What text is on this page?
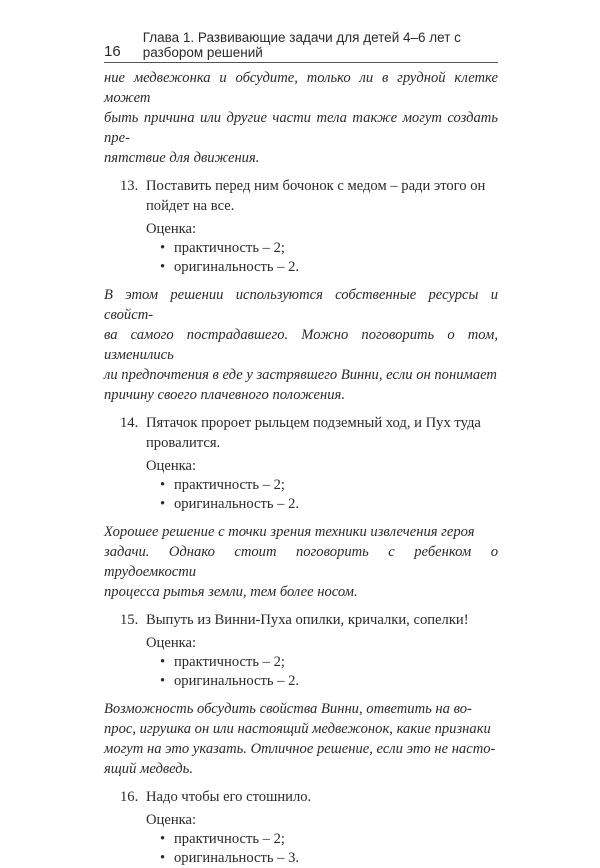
16
Глава 1. Развивающие задачи для детей 4–6 лет с разбором решений
ние медвежонка и обсудите, только ли в грудной клетке может
быть причина или другие части тела также могут создать пре-
пятствие для движения.
13. Поставить перед ним бочонок с медом – ради этого он
пойдет на все.
Оценка:
• практичность – 2;
• оригинальность – 2.
В этом решении используются собственные ресурсы и свойст-
ва самого пострадавшего. Можно поговорить о том, изменились
ли предпочтения в еде у застрявшего Винни, если он понимает
причину своего плачевного положения.
14. Пятачок пророет рыльцем подземный ход, и Пух туда
провалится.
Оценка:
• практичность – 2;
• оригинальность – 2.
Хорошее решение с точки зрения техники извлечения героя
задачи. Однако стоит поговорить с ребенком о трудоемкости
процесса рытья земли, тем более носом.
15. Выпуть из Винни-Пуха опилки, кричалки, сопелки!
Оценка:
• практичность – 2;
• оригинальность – 2.
Возможность обсудить свойства Винни, ответить на во-
прос, игрушка он или настоящий медвежонок, какие признаки
могут на это указать. Отличное решение, если это не насто-
ящий медведь.
16. Надо чтобы его стошнило.
Оценка:
• практичность – 2;
• оригинальность – 3.
